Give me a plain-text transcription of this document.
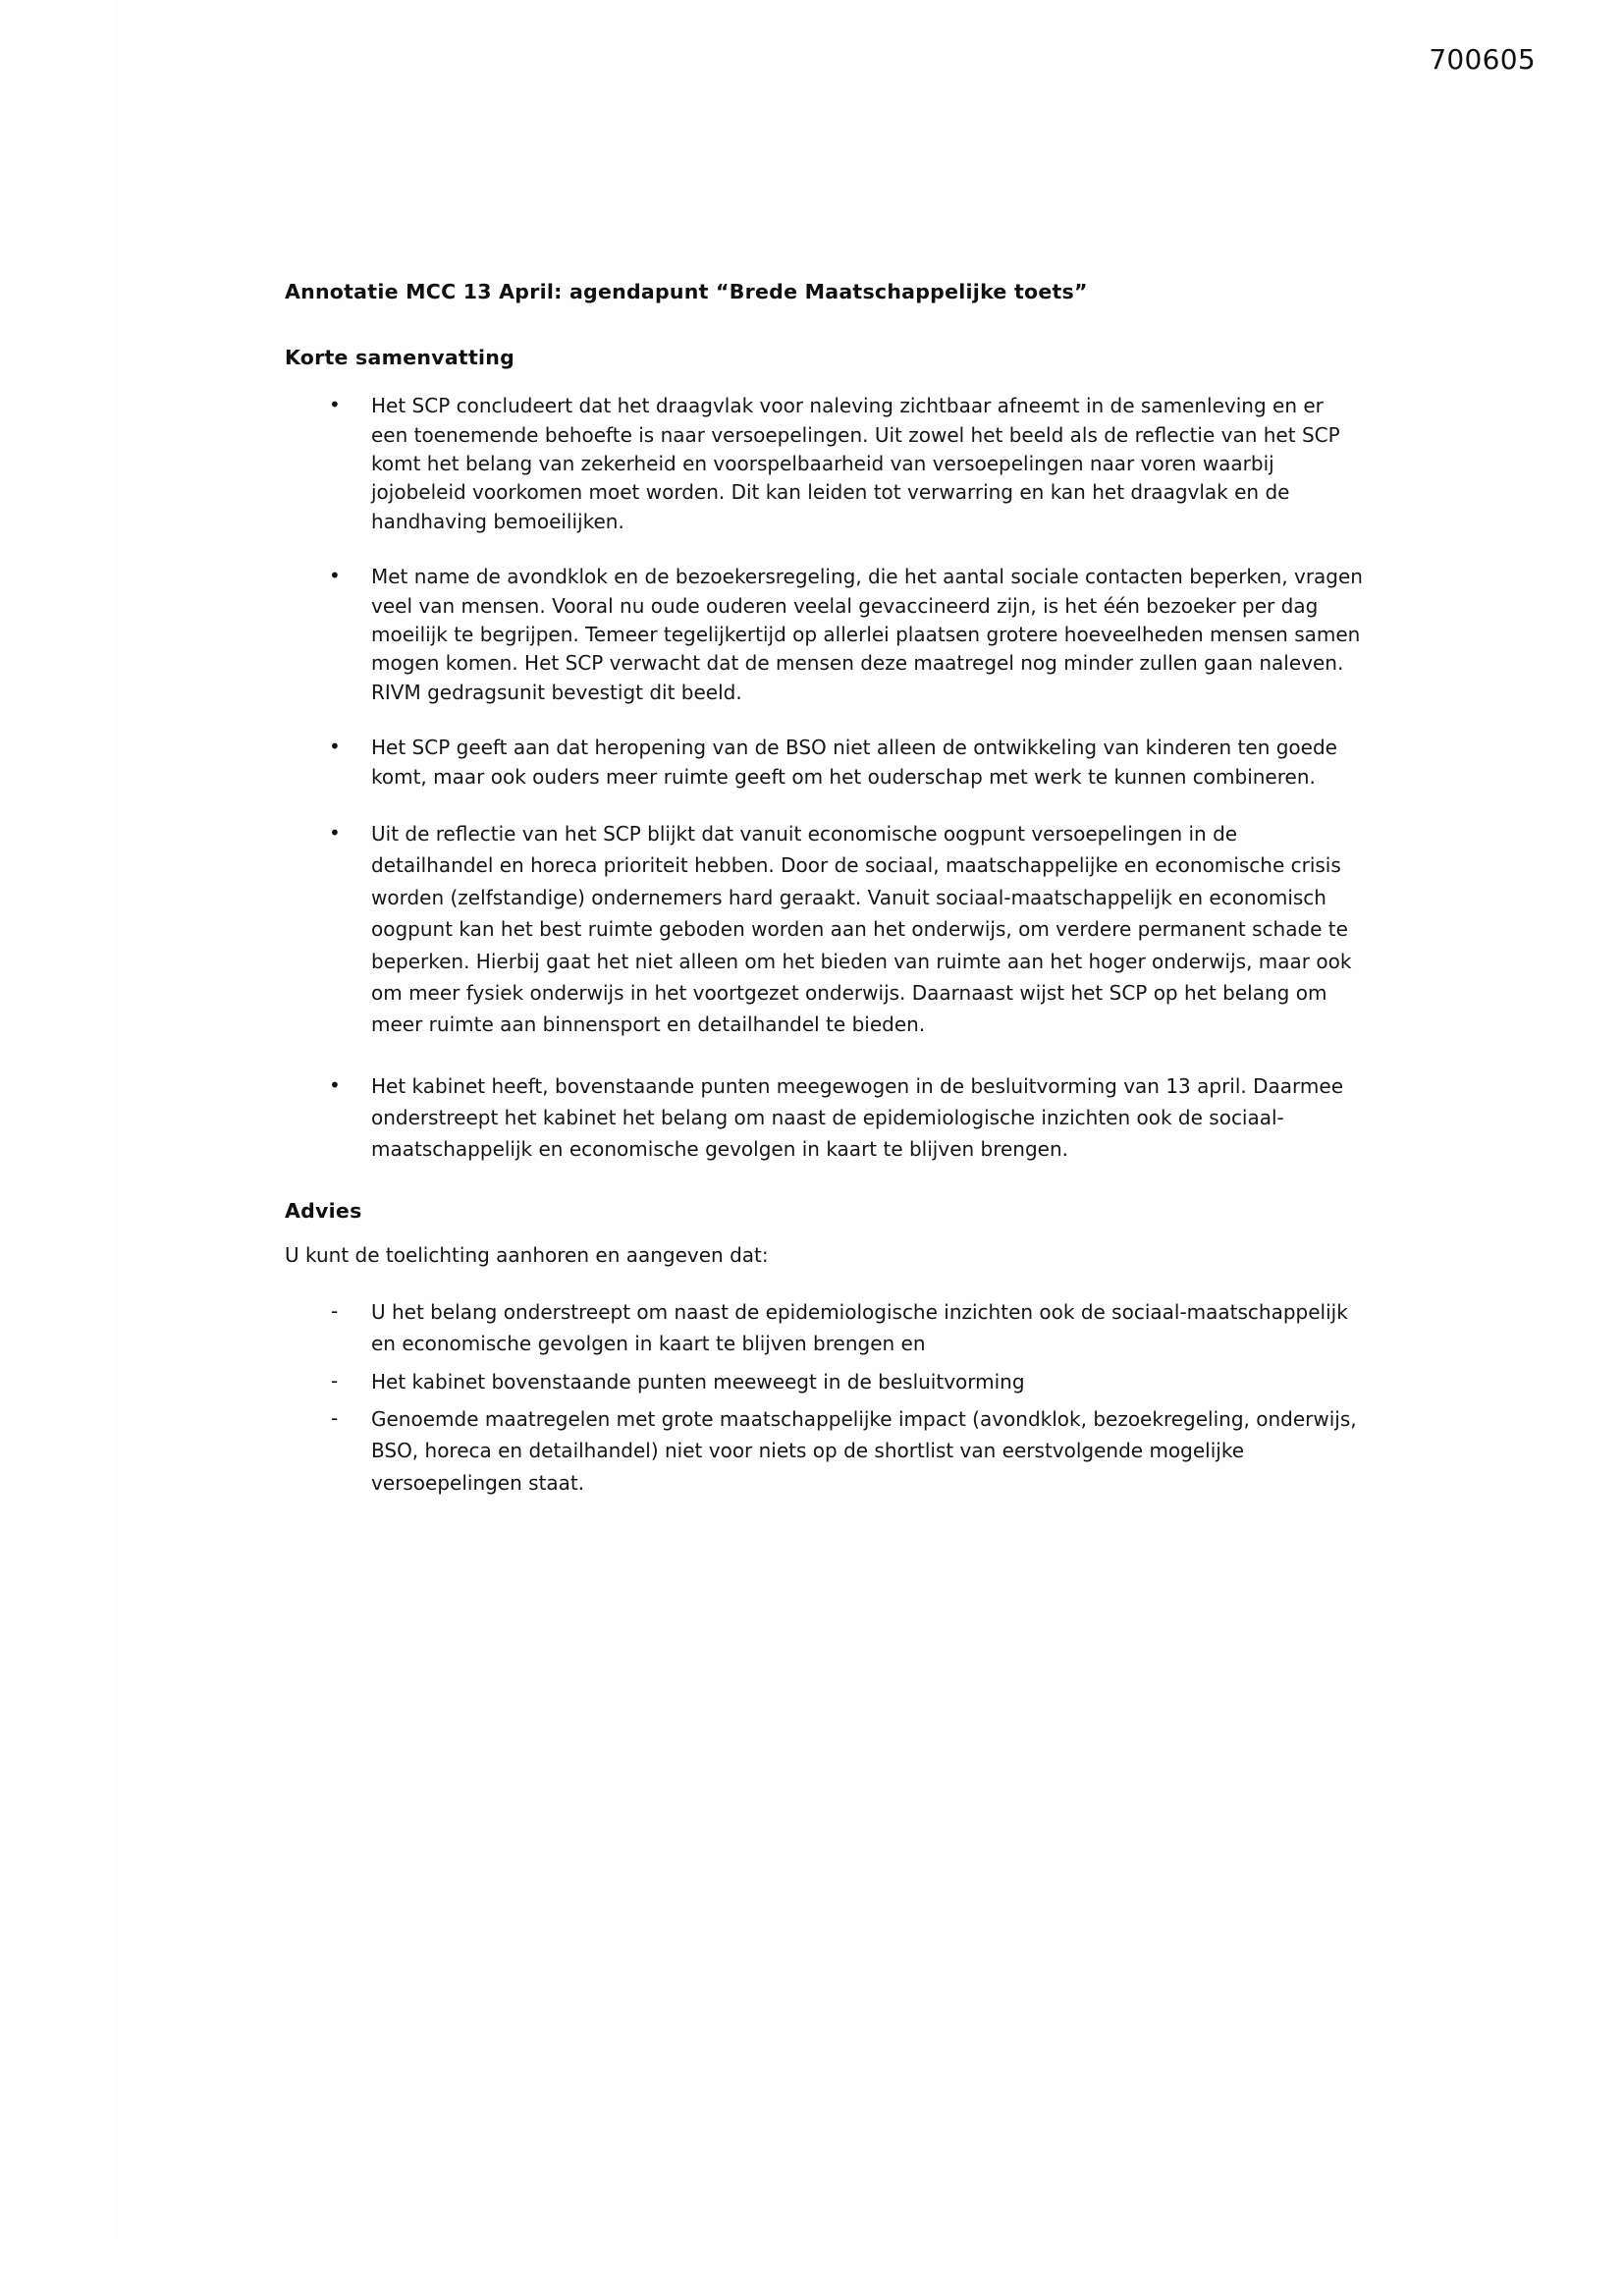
700605
Annotatie MCC 13 April: agendapunt “Brede Maatschappelijke toets”
Korte samenvatting
• Het SCP concludeert dat het draagvlak voor naleving zichtbaar afneemt in de samenleving en er een toenemende behoefte is naar versoepelingen. Uit zowel het beeld als de reflectie van het SCP komt het belang van zekerheid en voorspelbaarheid van versoepelingen naar voren waarbij jojobeleid voorkomen moet worden. Dit kan leiden tot verwarring en kan het draagvlak en de handhaving bemoeilijken.
• Met name de avondklok en de bezoekersregeling, die het aantal sociale contacten beperken, vragen veel van mensen. Vooral nu oude ouderen veelal gevaccineerd zijn, is het één bezoeker per dag moeilijk te begrijpen. Temeer tegelijkertijd op allerlei plaatsen grotere hoeveelheden mensen samen mogen komen. Het SCP verwacht dat de mensen deze maatregel nog minder zullen gaan naleven. RIVM gedragsunit bevestigt dit beeld.
• Het SCP geeft aan dat heropening van de BSO niet alleen de ontwikkeling van kinderen ten goede komt, maar ook ouders meer ruimte geeft om het ouderschap met werk te kunnen combineren.
• Uit de reflectie van het SCP blijkt dat vanuit economische oogpunt versoepelingen in de detailhandel en horeca prioriteit hebben. Door de sociaal, maatschappelijke en economische crisis worden (zelfstandige) ondernemers hard geraakt. Vanuit sociaal-maatschappelijk en economisch oogpunt kan het best ruimte geboden worden aan het onderwijs, om verdere permanent schade te beperken. Hierbij gaat het niet alleen om het bieden van ruimte aan het hoger onderwijs, maar ook om meer fysiek onderwijs in het voortgezet onderwijs. Daarnaast wijst het SCP op het belang om meer ruimte aan binnensport en detailhandel te bieden.
• Het kabinet heeft, bovenstaande punten meegewogen in de besluitvorming van 13 april. Daarmee onderstreept het kabinet het belang om naast de epidemiologische inzichten ook de sociaal-maatschappelijk en economische gevolgen in kaart te blijven brengen.
Advies

U kunt de toelichting aanhoren en aangeven dat:

- U het belang onderstreept om naast de epidemiologische inzichten ook de sociaal-maatschappelijk en economische gevolgen in kaart te blijven brengen en
- Het kabinet bovenstaande punten meeweegt in de besluitvorming
- Genoemde maatregelen met grote maatschappelijke impact (avondklok, bezoekregeling, onderwijs, BSO, horeca en detailhandel) niet voor niets op de shortlist van eerstvolgende mogelijke versoepelingen staat.
